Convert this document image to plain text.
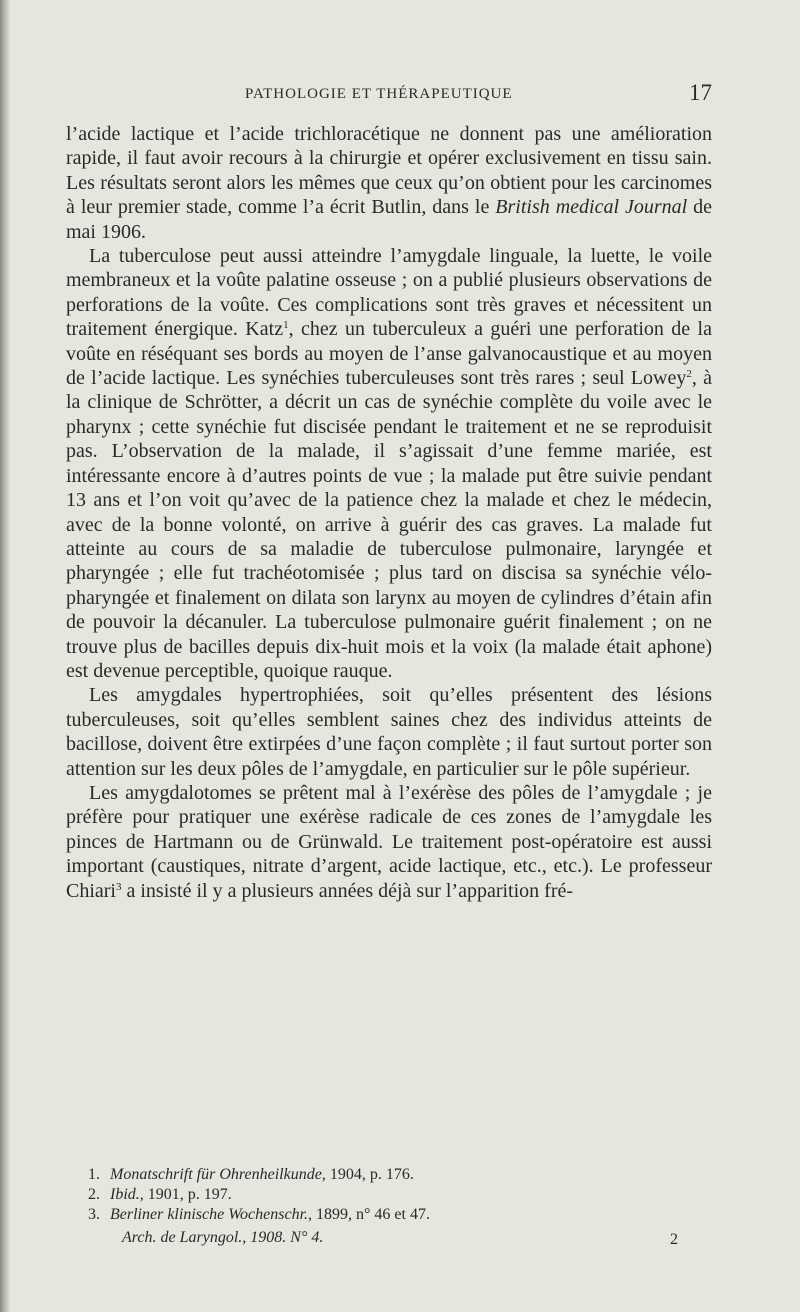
PATHOLOGIE ET THÉRAPEUTIQUE	17

l’acide lactique et l’acide trichloracétique ne donnent pas une amélioration rapide, il faut avoir recours à la chirurgie et opérer exclusivement en tissu sain. Les résultats seront alors les mêmes que ceux qu’on obtient pour les carcinomes à leur premier stade, comme l’a écrit Butlin, dans le British medical Journal de mai 1906.

La tuberculose peut aussi atteindre l’amygdale linguale, la luette, le voile membraneux et la voûte palatine osseuse ; on a publié plusieurs observations de perforations de la voûte. Ces complications sont très graves et nécessitent un traitement énergique. Katz$^1$, chez un tuberculeux a guéri une perforation de la voûte en réséquant ses bords au moyen de l’anse galvanocaustique et au moyen de l’acide lactique. Les synéchies tuberculeuses sont très rares ; seul Lowey$^2$, à la clinique de Schrötter, a décrit un cas de synéchie complète du voile avec le pharynx ; cette synéchie fut discisée pendant le traitement et ne se reproduisit pas. L’observation de la malade, il s’agissait d’une femme mariée, est intéressante encore à d’autres points de vue ; la malade put être suivie pendant 13 ans et l’on voit qu’avec de la patience chez la malade et chez le médecin, avec de la bonne volonté, on arrive à guérir des cas graves. La malade fut atteinte au cours de sa maladie de tuberculose pulmonaire, laryngée et pharyngée ; elle fut trachéotomisée ; plus tard on discisa sa synéchie vélo-pharyngée et finalement on dilata son larynx au moyen de cylindres d’étain afin de pouvoir la décanuler. La tuberculose pulmonaire guérit finalement ; on ne trouve plus de bacilles depuis dix-huit mois et la voix (la malade était aphone) est devenue perceptible, quoique rauque.

Les amygdales hypertrophiées, soit qu’elles présentent des lésions tuberculeuses, soit qu’elles semblent saines chez des individus atteints de bacillose, doivent être extirpées d’une façon complète ; il faut surtout porter son attention sur les deux pôles de l’amygdale, en particulier sur le pôle supérieur.

Les amygdalotomes se prêtent mal à l’exérèse des pôles de l’amygdale ; je préfère pour pratiquer une exérèse radicale de ces zones de l’amygdale les pinces de Hartmann ou de Grünwald. Le traitement post-opératoire est aussi important (caustiques, nitrate d’argent, acide lactique, etc., etc.). Le professeur Chiari$^3$ a insisté il y a plusieurs années déjà sur l’apparition fré-

1. Monatschrift für Ohrenheilkunde, 1904, p. 176.
2. Ibid., 1901, p. 197.
3. Berliner klinische Wochenschr., 1899, n° 46 et 47.
Arch. de Laryngol., 1908. N° 4.	2
